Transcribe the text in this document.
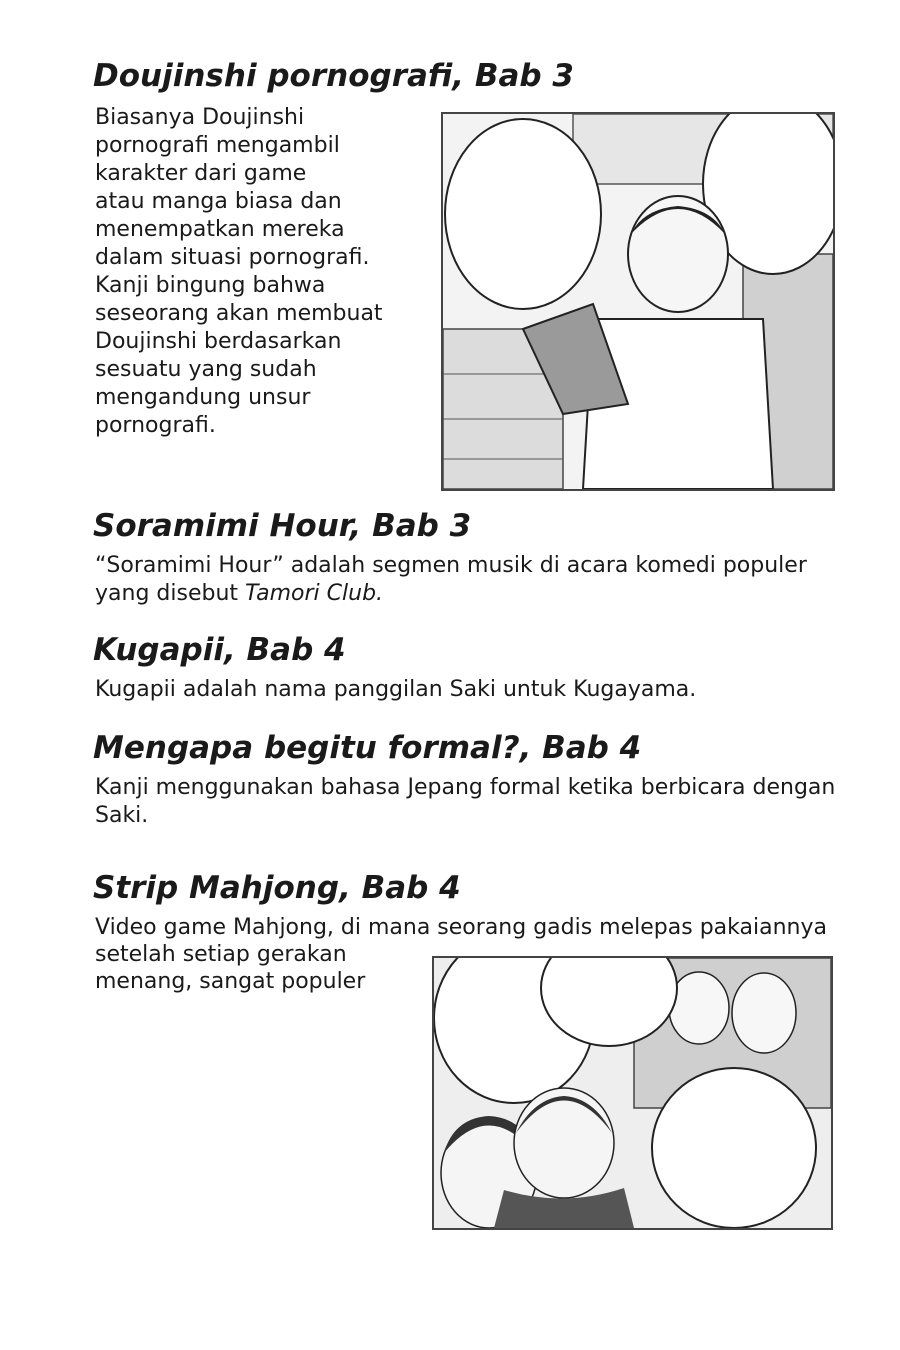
Doujinshi pornografi, Bab 3

Biasanya Doujinshi
pornografi mengambil
karakter dari game
atau manga biasa dan
menempatkan mereka
dalam situasi pornografi.
Kanji bingung bahwa
seseorang akan membuat
Doujinshi berdasarkan
sesuatu yang sudah
mengandung unsur
pornografi.

Soramimi Hour, Bab 3

“Soramimi Hour” adalah segmen musik di acara komedi populer
yang disebut Tamori Club.

Kugapii, Bab 4

Kugapii adalah nama panggilan Saki untuk Kugayama.

Mengapa begitu formal?, Bab 4

Kanji menggunakan bahasa Jepang formal ketika berbicara dengan
Saki.

Strip Mahjong, Bab 4

Video game Mahjong, di mana seorang gadis melepas pakaiannya
setelah setiap gerakan
menang, sangat populer
